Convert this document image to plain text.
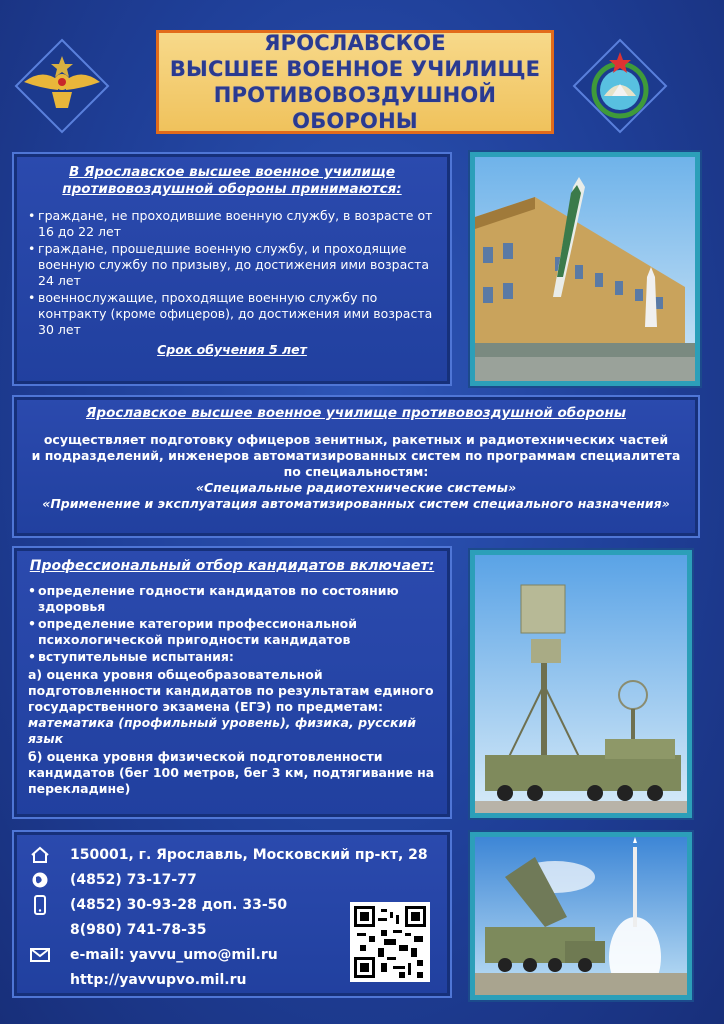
ЯРОСЛАВСКОЕ
ВЫСШЕЕ ВОЕННОЕ УЧИЛИЩЕ
ПРОТИВОВОЗДУШНОЙ ОБОРОНЫ
В Ярославское высшее военное училище
противовоздушной обороны принимаются:
• граждане, не проходившие военную службу, в возрасте от 16 до 22 лет
• граждане, прошедшие военную службу, и проходящие военную службу по призыву, до достижения ими возраста 24 лет
• военнослужащие, проходящие военную службу по контракту (кроме офицеров), до достижения ими возраста 30 лет
Срок обучения 5 лет
Ярославское высшее военное училище противовоздушной обороны
осуществляет подготовку офицеров зенитных, ракетных и радиотехнических частей
и подразделений, инженеров автоматизированных систем по программам специалитета
по специальностям:
«Специальные радиотехнические системы»
«Применение и эксплуатация автоматизированных систем специального назначения»
Профессиональный отбор кандидатов включает:
• определение годности кандидатов по состоянию здоровья
• определение категории профессиональной психологической пригодности кандидатов
• вступительные испытания:
а) оценка уровня общеобразовательной подготовленности кандидатов по результатам единого государственного экзамена (ЕГЭ) по предметам: математика (профильный уровень), физика, русский язык
б) оценка уровня физической подготовленности кандидатов (бег 100 метров, бег 3 км, подтягивание на перекладине)
150001, г. Ярославль, Московский пр-кт, 28
(4852) 73-17-77
(4852) 30-93-28 доп. 33-50
8(980) 741-78-35
e-mail: yavvu_umo@mil.ru
http://yavvupvo.mil.ru
